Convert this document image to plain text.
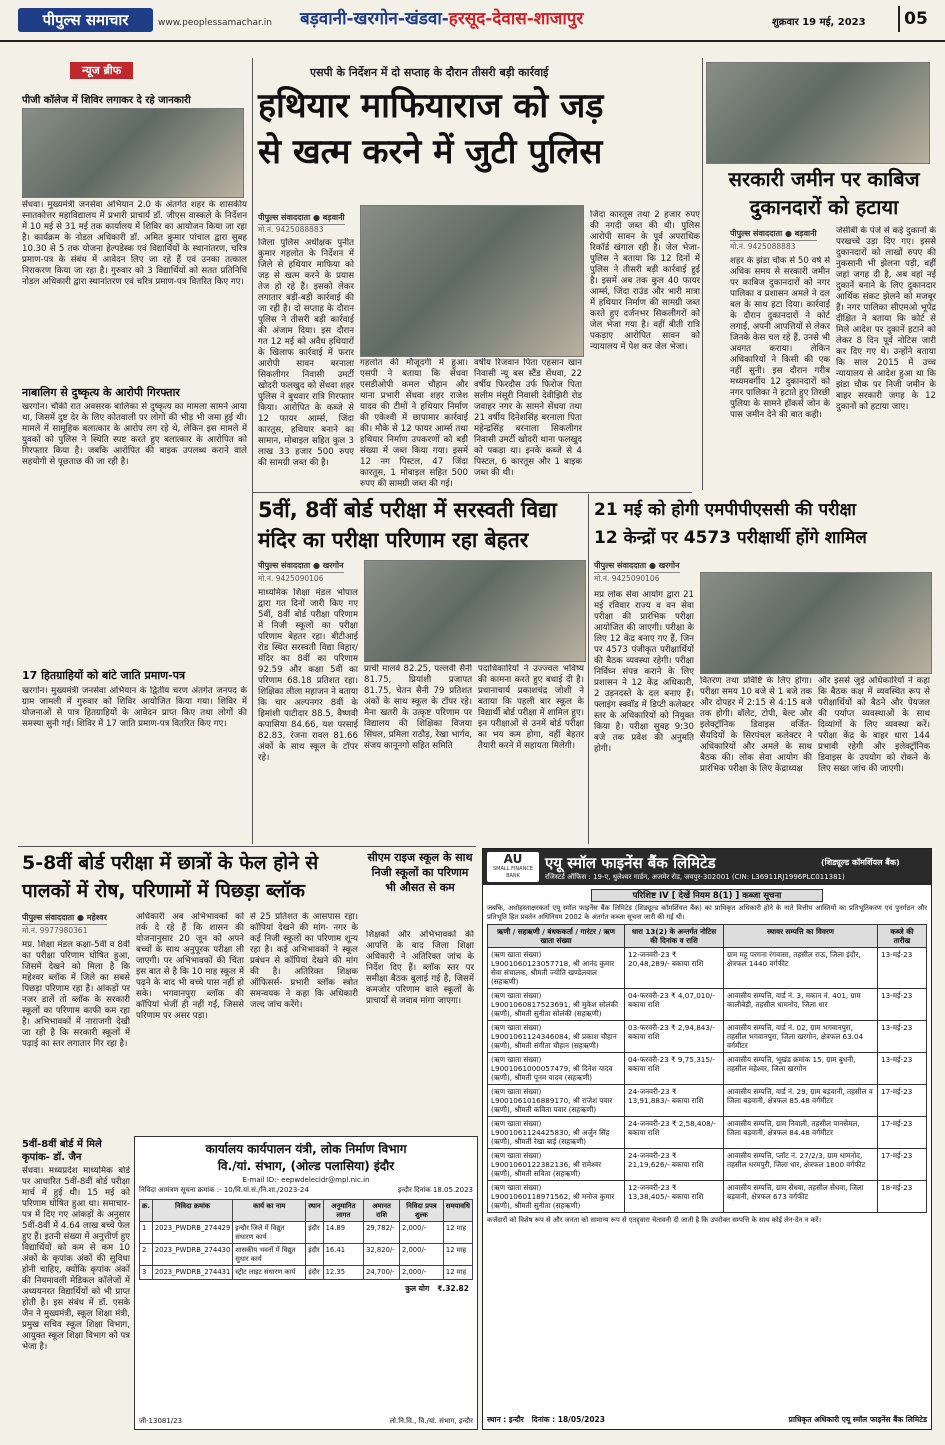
पीपुल्स समाचार	www.peoplessamachar.in बड़वानी-खरगोन-खंडवा-हरसूद-देवास-शाजापुर	शुक्रवार 19 मई, 2023	05
न्यूज ब्रीफ
पीजी कॉलेज में शिविर लगाकर दे रहे जानकारी
सेंधवा। मुख्यमंत्री जनसेवा अभियान 2.0 के अंतर्गत शहर के शासकीय स्नातकोत्तर महाविद्यालय में प्रभारी प्राचार्य डॉ. जीएस वास्कले के निर्देशन में 10 मई से 31 मई तक कार्यालय में शिविर का आयोजन किया जा रहा है। कार्यक्रम के नोडल अधिकारी डॉ. अमित कुमार पांचाल द्वारा सुबह 10.30 से 5 तक योजना हेल्पडेस्क एवं विद्यार्थियों के स्थानांतरण, चरित्र प्रमाण-पत्र के संबंध में आवेदन लिए जा रहे हैं एवं उनका तत्काल निराकरण किया जा रहा है। गुरुवार को 3 विद्यार्थियों को सतत प्रतिनिधि नोडल अधिकारी द्वारा स्थानांतरण एवं चरित्र प्रमाण-पत्र वितरित किए गए।
नाबालिग से दुष्कृत्य के आरोपी गिरफ्तार
खरगोन। चौकी रात अवसरक बालिका से दुष्कृत्य का मामला सामने आया था, जिसमें दुष्ट देर के लिए कोतवाली पर लोगों की भीड़ भी जमा हुई थी। मामले में सामूहिक बलात्कार के आरोप लग रहे थे, लेकिन इस मामले में युवकों को पुलिस ने स्थिति स्पष्ट करते हुए बलात्कार के आरोपित को गिरफ्तार किया है। जबकि आरोपित की बाइक उपलब्ध कराने वाले सहयोगी से पूछताछ की जा रही है।
17 हितग्राहियों को बांटे जाति प्रमाण-पत्र
खरगोन। मुख्यमंत्री जनसेवा अभियान के द्वितीय चरण अंतर्गत जनपद के ग्राम जामली में गुरुवार को शिविर आयोजित किया गया। शिविर में योजनाओं से पात्र हितग्राहियों के आवेदन प्राप्त किए तथा लोगों की समस्या सुनी गई। शिविर में 17 जाति प्रमाण-पत्र वितरित किए गए।
एसपी के निर्देशन में दो सप्ताह के दौरान तीसरी बड़ी कार्रवाई
हथियार माफियाराज को जड़
से खत्म करने में जुटी पुलिस
पीपुल्स संवाददाता ● बड़वानी
मो.नं. 9425088883
जिला पुलिस अधीक्षक पुनीत कुमार गहलोत के निर्देशन में जिले से हथियार माफिया को जड़ से खत्म करने के प्रयास तेज हो रहे हैं। इसको लेकर लगातार बड़ी-बड़ी कार्रवाई की जा रही है। दो सप्ताह के दौरान पुलिस ने तीसरी बड़ी कार्रवाई की अंजाम दिया। इस दौरान गत 12 मई को अवैध हथियारों के खिलाफ कार्रवाई में फरार आरोपी सावन बरनाला सिकलीगर निवासी उमर्टी खोदरी फलखुद को सेंधवा शहर पुलिस ने बुधवार रात्रि गिरफ्तार किया। आरोपित के कब्जे से 12 फायर आर्म्स, जिंदा कारतूस, हथियार बनाने का सामान, मोबाइल सहित कुल 3 लाख 33 हजार 500 रुपए की सामग्री जब्त की है।
गहलोत की मौजूदगी में हुआ। एसपी ने बताया कि सेंधवा एसडीओपी कमल चौहान और थाना प्रभारी सेंधवा शहर राजेश यादव की टीमों ने हथियार निर्माण की एकेश्वी में छापामार कार्रवाई की। मौके से 12 फायर आर्म्स तथा हथियार निर्माण उपकरणों को बड़ी संख्या में जब्त किया गया। इसमें 12 नग पिस्टल, 47 जिंदा कारतूस, 1 मोबाइल सहित 500 रुपए की सामग्री जब्त की गई।
वर्षीय रिजवान पिता एहसान खान निवासी न्यू बस स्टैंड सेंधवा, 22 वर्षीय फिरदौस उर्फ फिरोज पिता सलीम मंसूरी निवासी देवीझिरी रोड जवाहर नगर के सामने सेंधवा तथा 21 वर्षीय दिनेशसिंह बरनाला पिता महेन्द्रसिंह बरनाला सिकलीगर निवासी उमर्टी खोदरी थाना फलखुद को पकड़ा था। इनके कब्जे से 4 पिस्टल, 6 कारतूस और 1 बाइक जब्त की थी।
जिंदा कारतूस तथा 2 हजार रुपए की नगदी जब्त की थी। पुलिस आरोपी सावन के पूर्व अपराधिक रिकॉर्ड खंगाल रही है। जेल भेजा- पुलिस ने बताया कि 12 दिनों में पुलिस ने तीसरी बड़ी कार्रवाई हुई है। इसमें अब तक कुल 40 फायर आर्म्स, जिंदा राउंड और भारी मात्रा में हथियार निर्माण की सामग्री जब्त करते हुए दर्जनभर सिकलीगरों को जेल भेजा गया है। वहीं बीती रात्रि पकड़ाए आरोपित सावन को न्यायालय में पेश कर जेल भेजा।
सरकारी जमीन पर काबिज
दुकानदारों को हटाया
पीपुल्स संवाददाता ● बड़वानी
मो.नं. 9425088883
शहर के झंडा चौक से 50 वर्ष से अधिक समय से सरकारी जमीन पर काबिज दुकानदारों को नगर पालिका व प्रशासन अमले ने दल बल के साथ हटा दिया। कार्रवाई के दौरान दुकानदारों ने कोर्ट लगाई, अपनी आपत्तियों से लेकर जिनके केस चल रहे हैं, उनसे भी अवगत कराया। लेकिन अधिकारियों ने किसी की एक नहीं सुनी। इस दौरान गरीब मध्यमवर्गीय 12 दुकानदारों को नगर पालिका ने हटाते हुए तिरछी पुलिया के सामने हॉकर्स जोन के पास जमीन देने की बात कही।
जेसीबी के पंजे से कई दुकानों के परखच्चे उड़ा दिए गए। इससे दुकानदारों को लाखों रुपए की नुकसानी भी झेलना पड़ी, वहीं जहां जगह दी है, अब वहां नई दुकानें बनाने के लिए दुकानदार आर्थिक संकट झेलने को मजबूर हैं। नगर पालिका सीएमओ भूपेंद्र दीक्षित ने बताया कि कोर्ट से मिले आदेश पर दुकानें हटाने को लेकर 8 दिन पूर्व नोटिस जारी कर दिए गए थे। उन्होंने बताया कि साल 2015 में उच्च न्यायालय से आदेश हुआ था कि झंडा चौक पर निजी जमीन के बाहर सरकारी जगह के 12 दुकानों को हटाया जाए।
5वीं, 8वीं बोर्ड परीक्षा में सरस्वती विद्या
मंदिर का परीक्षा परिणाम रहा बेहतर
पीपुल्स संवाददाता ● खरगोन
मो.नं. 9425090106
माध्यमिक शिक्षा मंडल भोपाल द्वारा गत दिनों जारी किए गए 5वीं, 8वीं बोर्ड परीक्षा परिणाम में निजी स्कूलों का परीक्षा परिणाम बेहतर रहा। बीटीआई रोड स्थित सरस्वती विद्या विहार/मंदिर का 8वीं का परिणाम 92.59 और कक्षा 5वीं का परिणाम 68.18 प्रतिशत रहा। शिक्षिका लीला महाजन ने बताया कि चार अल्पनगर 8वीं के हिमांशी पाटीदार 88.5, वैष्णवी कपासिया 84.66, यश परसाई 82.83, रंजना रावल 81.66 अंकों के साथ स्कूल के टॉपर रहे।
प्राची मालवे 82.25, पल्लवी सैनी 81.75, प्रियांशी प्रजापत 81.75, चेतन सैनी 79 प्रतिशत अंकों के साथ स्कूल के टॉपर रहे। मैना खतरी के उत्कृष्ट परिणाम पर विद्यालय की शिक्षिका विजया सिंघल, प्रमिला राठौड़, रेखा भार्गव, संजय कानूनगो सहित समिति
पदाधिकारियों ने उज्ज्वल भविष्य की कामना करते हुए बधाई दी है। प्रधानाचार्य प्रकाशचंद्र जोशी ने बताया कि पहली बार स्कूल के विद्यार्थी बोर्ड परीक्षा में शामिल हुए। इन परीक्षाओं से उनमें बोर्ड परीक्षा का भय कम होगा, वहीं बेहतर तैयारी करने में सहायता मिलेगी।
21 मई को होगी एमपीपीएससी की परीक्षा
12 केन्द्रों पर 4573 परीक्षार्थी होंगे शामिल
पीपुल्स संवाददाता ● खरगोन
मो.नं. 9425090106
मप्र लोक सेवा आयोग द्वारा 21 मई रविवार राज्य व वन सेवा परीक्षा की प्रारंभिक परीक्षा आयोजित की जाएगी। परीक्षा के लिए 12 केंद्र बनाए गए हैं, जिन पर 4573 पंजीकृत परीक्षार्थियों की बैठक व्यवस्था रहेगी। परीक्षा निर्विघ्न संपन्न कराने के लिए प्रशासन ने 12 केंद्र अधिकारी, 2 उड़नदस्ते के दल बनाए हैं। फ्लाइंग स्क्वॉड में डिप्टी कलेक्टर स्तर के अधिकारियों को नियुक्त किया है। परीक्षा सुबह 9:30 बजे तक प्रवेश की अनुमति होगी।
वितरण तथा प्रविष्टि के लिए होगा। परीक्षा समय 10 बजे से 1 बजे तक और दोपहर में 2:15 से 4:15 बजे तक होगी। वॉलेट, टोपी, बेल्ट और इलेक्ट्रॉनिक डिवाइस वर्जित- सैयदियों के सिरपंचल कलेक्टर ने अधिकारियों और अमले के साथ बैठक की। लोक सेवा आयोग की प्रारंभिक परीक्षा के लिए केंद्राध्यक्ष
और इससे जुड़े अधिकारियों ने कहा कि बैठक कक्ष में व्यवस्थित रूप से परीक्षार्थियों को बैठने और पेयजल की पर्याप्त व्यवस्थाओं के साथ दिव्यांगों के लिए व्यवस्था करें। परीक्षा केंद्र के बाहर धारा 144 प्रभावी रहेगी और इलेक्ट्रॉनिक डिवाइस के उपयोग को रोकने के लिए सख्त जांच की जाएगी।
5-8वीं बोर्ड परीक्षा में छात्रों के फेल होने से
पालकों में रोष, परिणामों में पिछड़ा ब्लॉक
पीपुल्स संवाददाता ● महेश्वर
मो.नं. 9977980361
मप्र. शिक्षा मंडल कक्षा-5वीं व 8वीं का परीक्षा परिणाम घोषित हुआ, जिसमें देखने को मिला है कि महेश्वर ब्लॉक में जिले का सबसे पिछड़ा परिणाम रहा है। आंकड़ों पर नजर डालें तो ब्लॉक के सरकारी स्कूलों का परिणाम काफी कम रहा है। अभिभावकों में नाराजगी देखी जा रही है कि सरकारी स्कूलों में पढ़ाई का स्तर लगातार गिर रहा है।
अधिकारी अब अभिभावकों को तर्क दे रहे हैं कि शासन की योजनानुसार 20 जून को अपने बच्चों के साथ अनुपूरक परीक्षा ली जाएगी। पर अभिभावकों की चिंता इस बात से है कि 10 माह स्कूल में पढ़ने के बाद भी बच्चे पास नहीं हो सके। भगवानपुरा ब्लॉक की कॉपियां भेजीं ही नहीं गईं, जिससे परिणाम पर असर पड़ा।
से 25 प्रतिशत के आसपास रहा। कॉपियां देखने की मांग- नगर के कई निजी स्कूलों का परिणाम शून्य रहा है। कई अभिभावकों ने स्कूल प्रबंधन से कॉपियां देखने की मांग की है। अतिरिक्त शिक्षक ऑफिसर्स- प्रभारी ब्लॉक स्त्रोत समन्वयक ने कहा कि अधिकारी जल्द जांच करेंगे।
सीएम राइज स्कूल के साथ निजी स्कूलों का परिणाम भी औसत से कम
शिक्षकों और अभिभावकों की आपत्ति के बाद जिला शिक्षा अधिकारी ने अतिरिक्त जांच के निर्देश दिए हैं। ब्लॉक स्तर पर समीक्षा बैठक बुलाई गई है, जिसमें कमजोर परिणाम वाले स्कूलों के प्राचार्यों से जवाब मांगा जाएगा।
5वीं-8वीं बोर्ड में मिले कृपांक- डॉ. जैन
सेंधवा। मध्यप्रदेश माध्यमिक बोर्ड पर आधारित 5वीं-8वीं बोर्ड परीक्षा मार्च में हुई थी। 15 मई को परिणाम घोषित हुआ था। समाचार-पत्र में दिए गए आंकड़ों के अनुसार 5वीं-8वीं में 4.64 लाख बच्चे फेल हुए हैं। इतनी संख्या में अनुत्तीर्ण हुए विद्यार्थियों को कम से कम 10 अंकों के कृपांक अंकों की सुविधा होनी चाहिए, क्योंकि कृपांक अंकों की नियमावली मेडिकल कॉलेजों में अध्ययनरत विद्यार्थियों को भी प्राप्त होती है। इस संबंध में डॉ. एसके जैन ने मुख्यमंत्री, स्कूल शिक्षा मंत्री, प्रमुख सचिव स्कूल शिक्षा विभाग, आयुक्त स्कूल शिक्षा विभाग को पत्र भेजा है।
कार्यालय कार्यपालन यंत्री, लोक निर्माण विभाग
वि./यां. संभाग, (ओल्ड पलासिया) इंदौर
E-mail ID:- eepwdelecidr@mpl.nic.in
निविदा आमंत्रण सूचना क्रमांक :- 10/वि.यां.सं./नि.शा./2023-24	इन्दौर दिनांक 18.05.2023
क्र.	निविदा क्रमांक	कार्य का नाम	स्थान	अनुमानित लागत	अमानत राशि	निविदा प्रपत्र शुल्क	समयावधि
1	2023_PWDRB_274429	इन्दौर जिले में विद्युत संधारण कार्य	इंदौर	14.89	29,782/-	2,000/-	12 माह
2	2023_PWDRB_274430	शासकीय भवनों में विद्युत सुधार कार्य	इंदौर	16.41	32,820/-	2,000/-	12 माह
3	2023_PWDRB_274431	स्ट्रीट लाइट संधारण कार्य	इंदौर	12.35	24,700/-	2,000/-	12 माह
कुल योग ₹.32.82
जी-13081/23	लो.नि.वि., वि./यां. संभाग, इन्दौर
AU
SMALL FINANCE BANK
एयू स्मॉल फाइनेंस बैंक लिमिटेड	(शिड्यूल्ड कॉमर्शियल बैंक)
रजिस्टर्ड ऑफिस : 19-ए, धुलेश्वर गार्डन, अजमेर रोड, जयपुर-302001 (CIN: L36911RJ1996PLC011381)
परिशिष्ट IV [ देखें नियम 8(1) ] कब्जा सूचना
जबकि, अधोहस्ताक्षरकर्ता एयू स्मॉल फाइनेंस बैंक लिमिटेड (शिड्यूल्ड कॉमर्शियल बैंक) का प्राधिकृत अधिकारी होने के नाते वित्तीय आस्तियों का प्रतिभूतिकरण एवं पुनर्गठन और प्रतिभूति हित प्रवर्तन अधिनियम 2002 के अंतर्गत कब्जा सूचना जारी की गई थी।
ऋणी / सहऋणी / बंधककर्ता / गारंटर / ऋण खाता संख्या	धारा 13(2) के अन्तर्गत नोटिस की दिनांक व राशि	स्थावर सम्पत्ति का विवरण	कब्जे की तारीख
(ऋण खाता संख्या) L9001060123057718, श्री आनंद कुमार सेवा संचालक, श्रीमती ज्योति खण्डेलवाल (सहऋणी)	12-जनवरी-23 ₹ 20,48,289/- बकाया राशि	ग्राम महू परगना रंगवासा, तहसील राऊ, जिला इंदौर, क्षेत्रफल 1440 वर्गफीट	13-मई-23
(ऋण खाता संख्या) L9001060817523691, श्री मुकेश सोलंकी (ऋणी), श्रीमती सुनीता सोलंकी (सहऋणी)	04-फरवरी-23 ₹ 4,07,010/- बकाया राशि	आवासीय सम्पत्ति, वार्ड नं. 3, मकान नं. 401, ग्राम कालीबेड़ी, तहसील धामनोद, जिला धार	13-मई-23
(ऋण खाता संख्या) L9001061124346084, श्री प्रकाश चौहान (ऋणी), श्रीमती संगीता चौहान (सहऋणी)	03-फरवरी-23 ₹ 2,94,843/- बकाया राशि	आवासीय सम्पत्ति, वार्ड नं. 02, ग्राम भगवानपुरा, तहसील भगवानपुरा, जिला खरगोन, क्षेत्रफल 63.04 वर्गमीटर	13-मई-23
(ऋण खाता संख्या) L9001061000057479, श्री दिनेश यादव (ऋणी), श्रीमती पूनम यादव (सहऋणी)	04-फरवरी-23 ₹ 9,75,315/- बकाया राशि	आवासीय सम्पत्ति, भूखंड क्रमांक 15, ग्राम बुधनी, तहसील महेश्वर, जिला खरगोन	13-मई-23
(ऋण खाता संख्या) L9001061016889170, श्री राजेश पवार (ऋणी), श्रीमती कविता पवार (सहऋणी)	24-जनवरी-23 ₹ 13,91,883/- बकाया राशि	आवासीय सम्पत्ति, वार्ड नं. 29, ग्राम बड़वानी, तहसील व जिला बड़वानी, क्षेत्रफल 85.48 वर्गमीटर	17-मई-23
(ऋण खाता संख्या) L9001061124425830, श्री अर्जुन सिंह (ऋणी), श्रीमती रेखा बाई (सहऋणी)	24-जनवरी-23 ₹ 2,58,408/- बकाया राशि	आवासीय सम्पत्ति, ग्राम निवाली, तहसील पानसेमल, जिला बड़वानी, क्षेत्रफल 84.48 वर्गमीटर	17-मई-23
(ऋण खाता संख्या) L9001060122382136, श्री रामेश्वर (ऋणी), श्रीमती सविता (सहऋणी)	24-जनवरी-23 ₹ 21,19,626/- बकाया राशि	आवासीय सम्पत्ति, प्लॉट नं. 27/2/3, ग्राम धामनोद, तहसील धरमपुरी, जिला धार, क्षेत्रफल 1800 वर्गफीट	17-मई-23
(ऋण खाता संख्या) L9001060118971562, श्री मनोज कुमार (ऋणी), श्रीमती सुनीता (सहऋणी)	12-जनवरी-23 ₹ 13,38,405/- बकाया राशि	आवासीय सम्पत्ति, ग्राम सेंधवा, तहसील सेंधवा, जिला बड़वानी, क्षेत्रफल 673 वर्गफीट	18-मई-23
कर्जदारों को विशेष रूप से और जनता को सामान्य रूप से एतद्द्वारा चेतावनी दी जाती है कि उपरोक्त सम्पत्ति के साथ कोई लेन-देन न करें।
स्थान : इन्दौर दिनांक : 18/05/2023	प्राधिकृत अधिकारी एयू स्मॉल फाइनेंस बैंक लिमिटेड
